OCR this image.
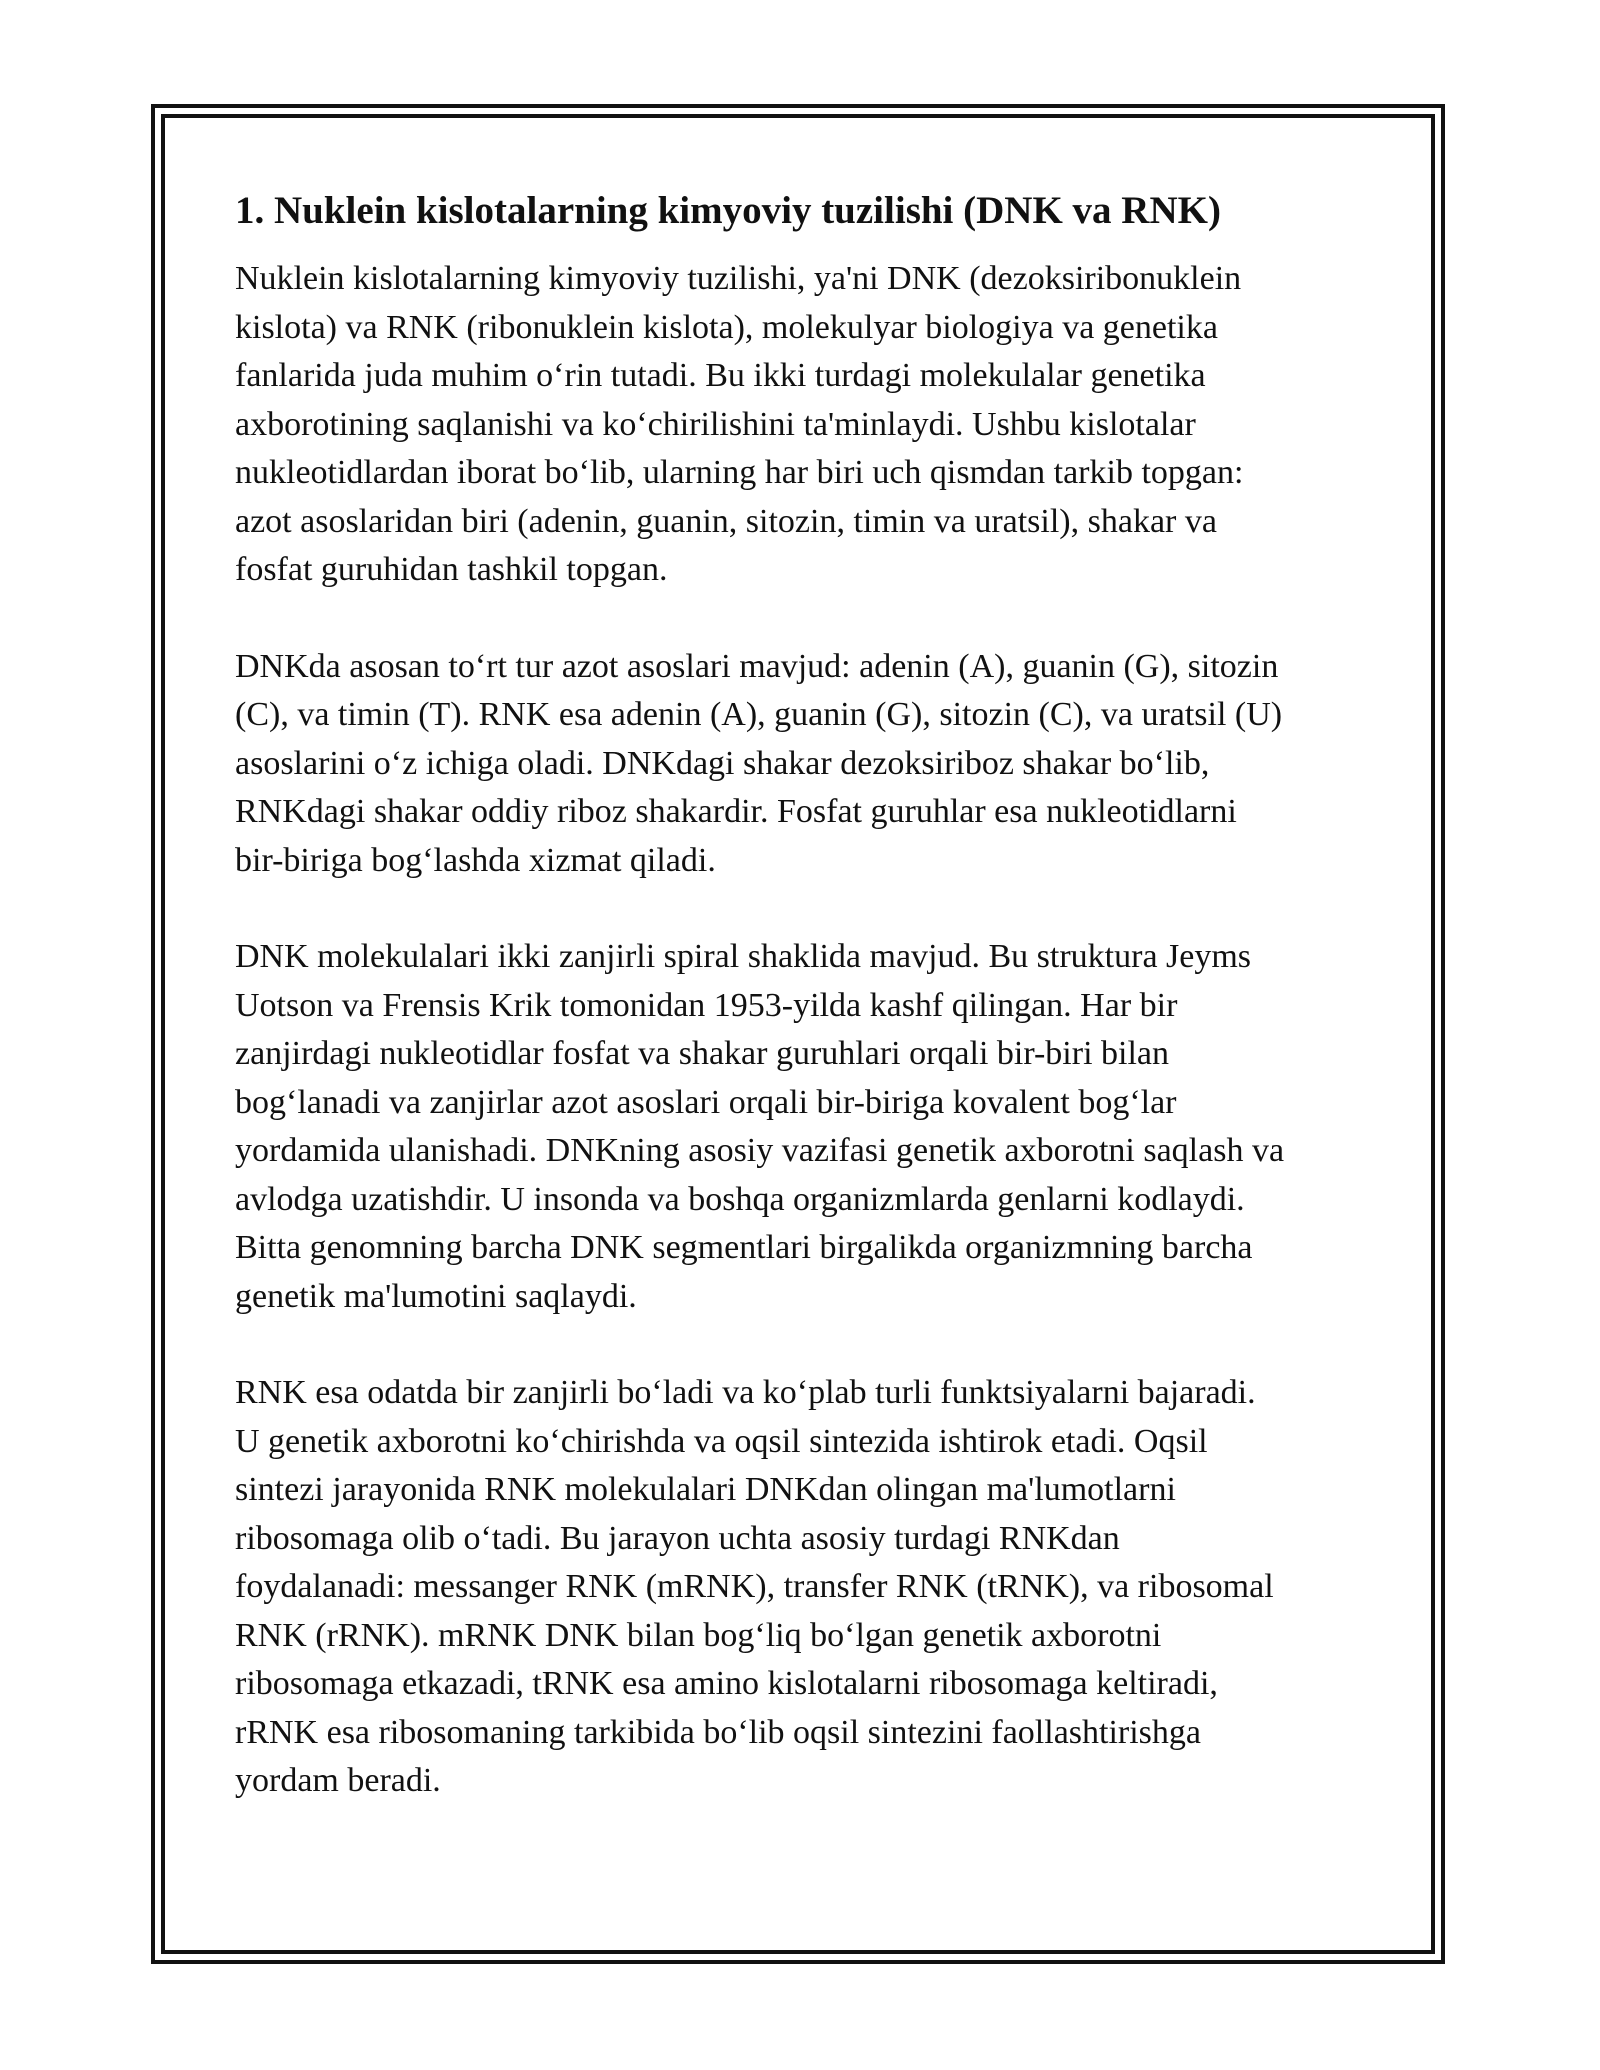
1. Nuklein kislotalarning kimyoviy tuzilishi (DNK va RNK)

Nuklein kislotalarning kimyoviy tuzilishi, ya'ni DNK (dezoksiribonuklein
kislota) va RNK (ribonuklein kislota), molekulyar biologiya va genetika
fanlarida juda muhim o‘rin tutadi. Bu ikki turdagi molekulalar genetika
axborotining saqlanishi va ko‘chirilishini ta'minlaydi. Ushbu kislotalar
nukleotidlardan iborat bo‘lib, ularning har biri uch qismdan tarkib topgan:
azot asoslaridan biri (adenin, guanin, sitozin, timin va uratsil), shakar va
fosfat guruhidan tashkil topgan.

DNKda asosan to‘rt tur azot asoslari mavjud: adenin (A), guanin (G), sitozin
(C), va timin (T). RNK esa adenin (A), guanin (G), sitozin (C), va uratsil (U)
asoslarini o‘z ichiga oladi. DNKdagi shakar dezoksiriboz shakar bo‘lib,
RNKdagi shakar oddiy riboz shakardir. Fosfat guruhlar esa nukleotidlarni
bir-biriga bog‘lashda xizmat qiladi.

DNK molekulalari ikki zanjirli spiral shaklida mavjud. Bu struktura Jeyms
Uotson va Frensis Krik tomonidan 1953-yilda kashf qilingan. Har bir
zanjirdagi nukleotidlar fosfat va shakar guruhlari orqali bir-biri bilan
bog‘lanadi va zanjirlar azot asoslari orqali bir-biriga kovalent bog‘lar
yordamida ulanishadi. DNKning asosiy vazifasi genetik axborotni saqlash va
avlodga uzatishdir. U insonda va boshqa organizmlarda genlarni kodlaydi.
Bitta genomning barcha DNK segmentlari birgalikda organizmning barcha
genetik ma'lumotini saqlaydi.

RNK esa odatda bir zanjirli bo‘ladi va ko‘plab turli funktsiyalarni bajaradi.
U genetik axborotni ko‘chirishda va oqsil sintezida ishtirok etadi. Oqsil
sintezi jarayonida RNK molekulalari DNKdan olingan ma'lumotlarni
ribosomaga olib o‘tadi. Bu jarayon uchta asosiy turdagi RNKdan
foydalanadi: messanger RNK (mRNK), transfer RNK (tRNK), va ribosomal
RNK (rRNK). mRNK DNK bilan bog‘liq bo‘lgan genetik axborotni
ribosomaga etkazadi, tRNK esa amino kislotalarni ribosomaga keltiradi,
rRNK esa ribosomaning tarkibida bo‘lib oqsil sintezini faollashtirishga
yordam beradi.
